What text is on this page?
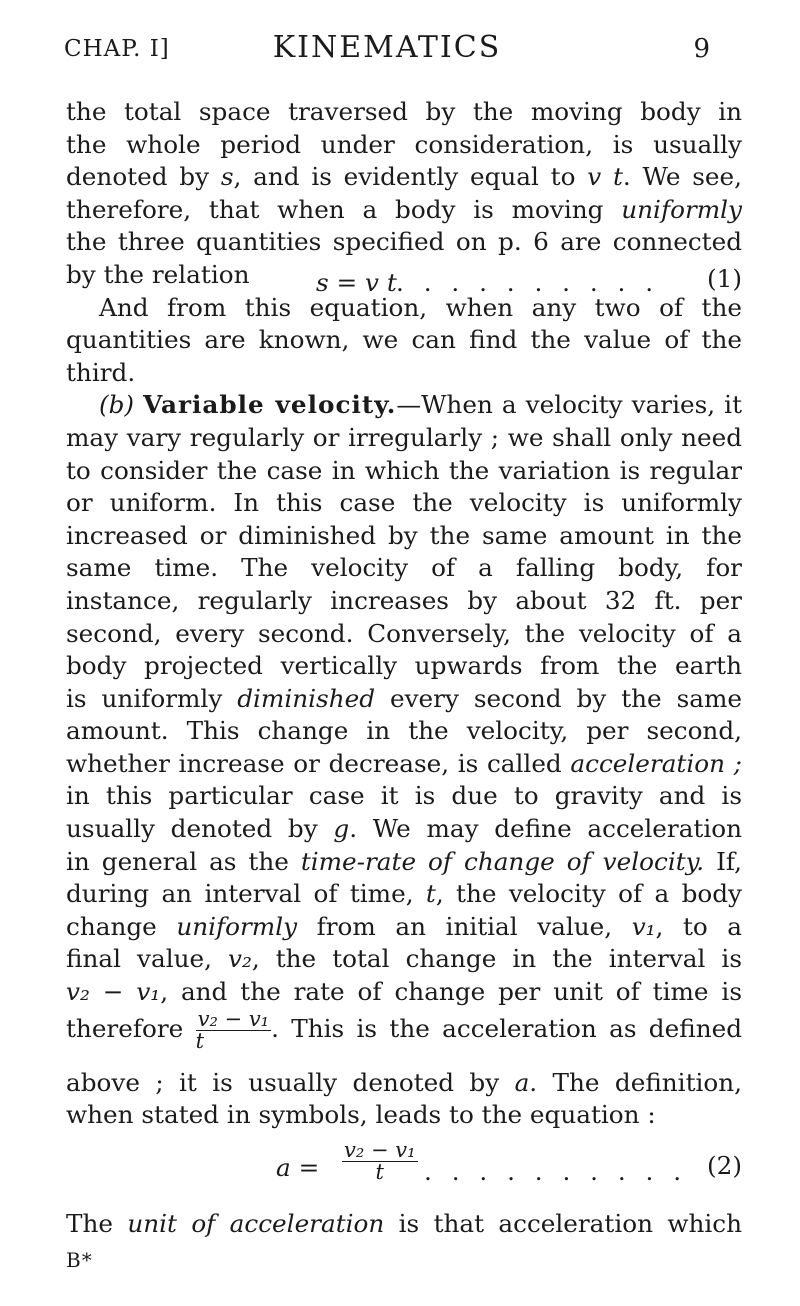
CHAP. I]	KINEMATICS	9
the total space traversed by the moving body in
the whole period under consideration, is usually
denoted by s, and is evidently equal to v t. We see,
therefore, that when a body is moving uniformly
the three quantities specified on p. 6 are connected
by the relation	s = v t . . . . . . . . . . (1)
And from this equation, when any two of the
quantities are known, we can find the value of the
third.
(b) Variable velocity.—When a velocity varies, it
may vary regularly or irregularly ; we shall only need
to consider the case in which the variation is regular
or uniform. In this case the velocity is uniformly
increased or diminished by the same amount in the
same time. The velocity of a falling body, for
instance, regularly increases by about 32 ft. per
second, every second. Conversely, the velocity of a
body projected vertically upwards from the earth
is uniformly diminished every second by the same
amount. This change in the velocity, per second,
whether increase or decrease, is called acceleration ;
in this particular case it is due to gravity and is
usually denoted by g. We may define acceleration
in general as the time-rate of change of velocity. If,
during an interval of time, t, the velocity of a body
change uniformly from an initial value, v₁, to a
final value, v₂, the total change in the interval is
v₂ − v₁, and the rate of change per unit of time is
therefore $\frac{\text{v₂ − v₁}}{t}$ . This is the acceleration as defined
above ; it is usually denoted by a. The definition,
when stated in symbols, leads to the equation :
$a = \frac{\text{v₂ − v₁}}{t}$ . . . . . . . . . . (2)
The unit of acceleration is that acceleration which
B*
